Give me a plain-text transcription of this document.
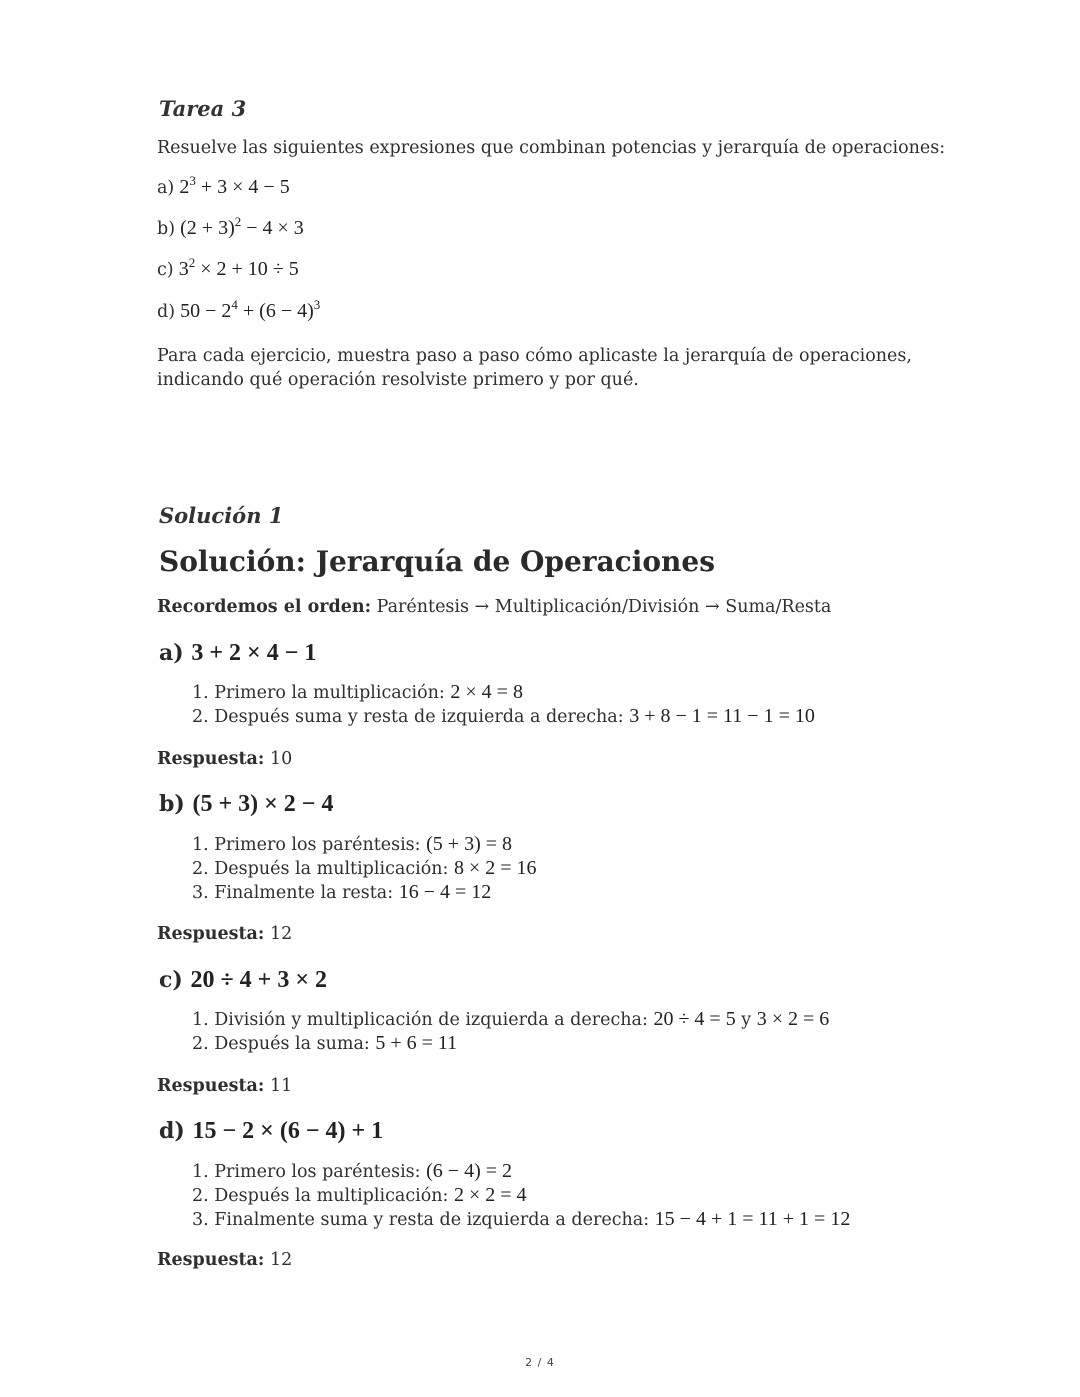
Tarea 3
Resuelve las siguientes expresiones que combinan potencias y jerarquía de operaciones:
a) $2^3 + 3 \times 4 - 5$
b) $(2 + 3)^2 - 4 \times 3$
c) $3^2 \times 2 + 10 \div 5$
d) $50 - 2^4 + (6 - 4)^3$
Para cada ejercicio, muestra paso a paso cómo aplicaste la jerarquía de operaciones,
indicando qué operación resolviste primero y por qué.
Solución 1
Solución: Jerarquía de Operaciones
Recordemos el orden: Paréntesis → Multiplicación/División → Suma/Resta
a) 3 + 2 × 4 − 1
1. Primero la multiplicación: 2 × 4 = 8
2. Después suma y resta de izquierda a derecha: 3 + 8 − 1 = 11 − 1 = 10
Respuesta: 10
b) (5 + 3) × 2 − 4
1. Primero los paréntesis: (5 + 3) = 8
2. Después la multiplicación: 8 × 2 = 16
3. Finalmente la resta: 16 − 4 = 12
Respuesta: 12
c) 20 ÷ 4 + 3 × 2
1. División y multiplicación de izquierda a derecha: 20 ÷ 4 = 5 y 3 × 2 = 6
2. Después la suma: 5 + 6 = 11
Respuesta: 11
d) 15 − 2 × (6 − 4) + 1
1. Primero los paréntesis: (6 − 4) = 2
2. Después la multiplicación: 2 × 2 = 4
3. Finalmente suma y resta de izquierda a derecha: 15 − 4 + 1 = 11 + 1 = 12
Respuesta: 12
2 / 4
